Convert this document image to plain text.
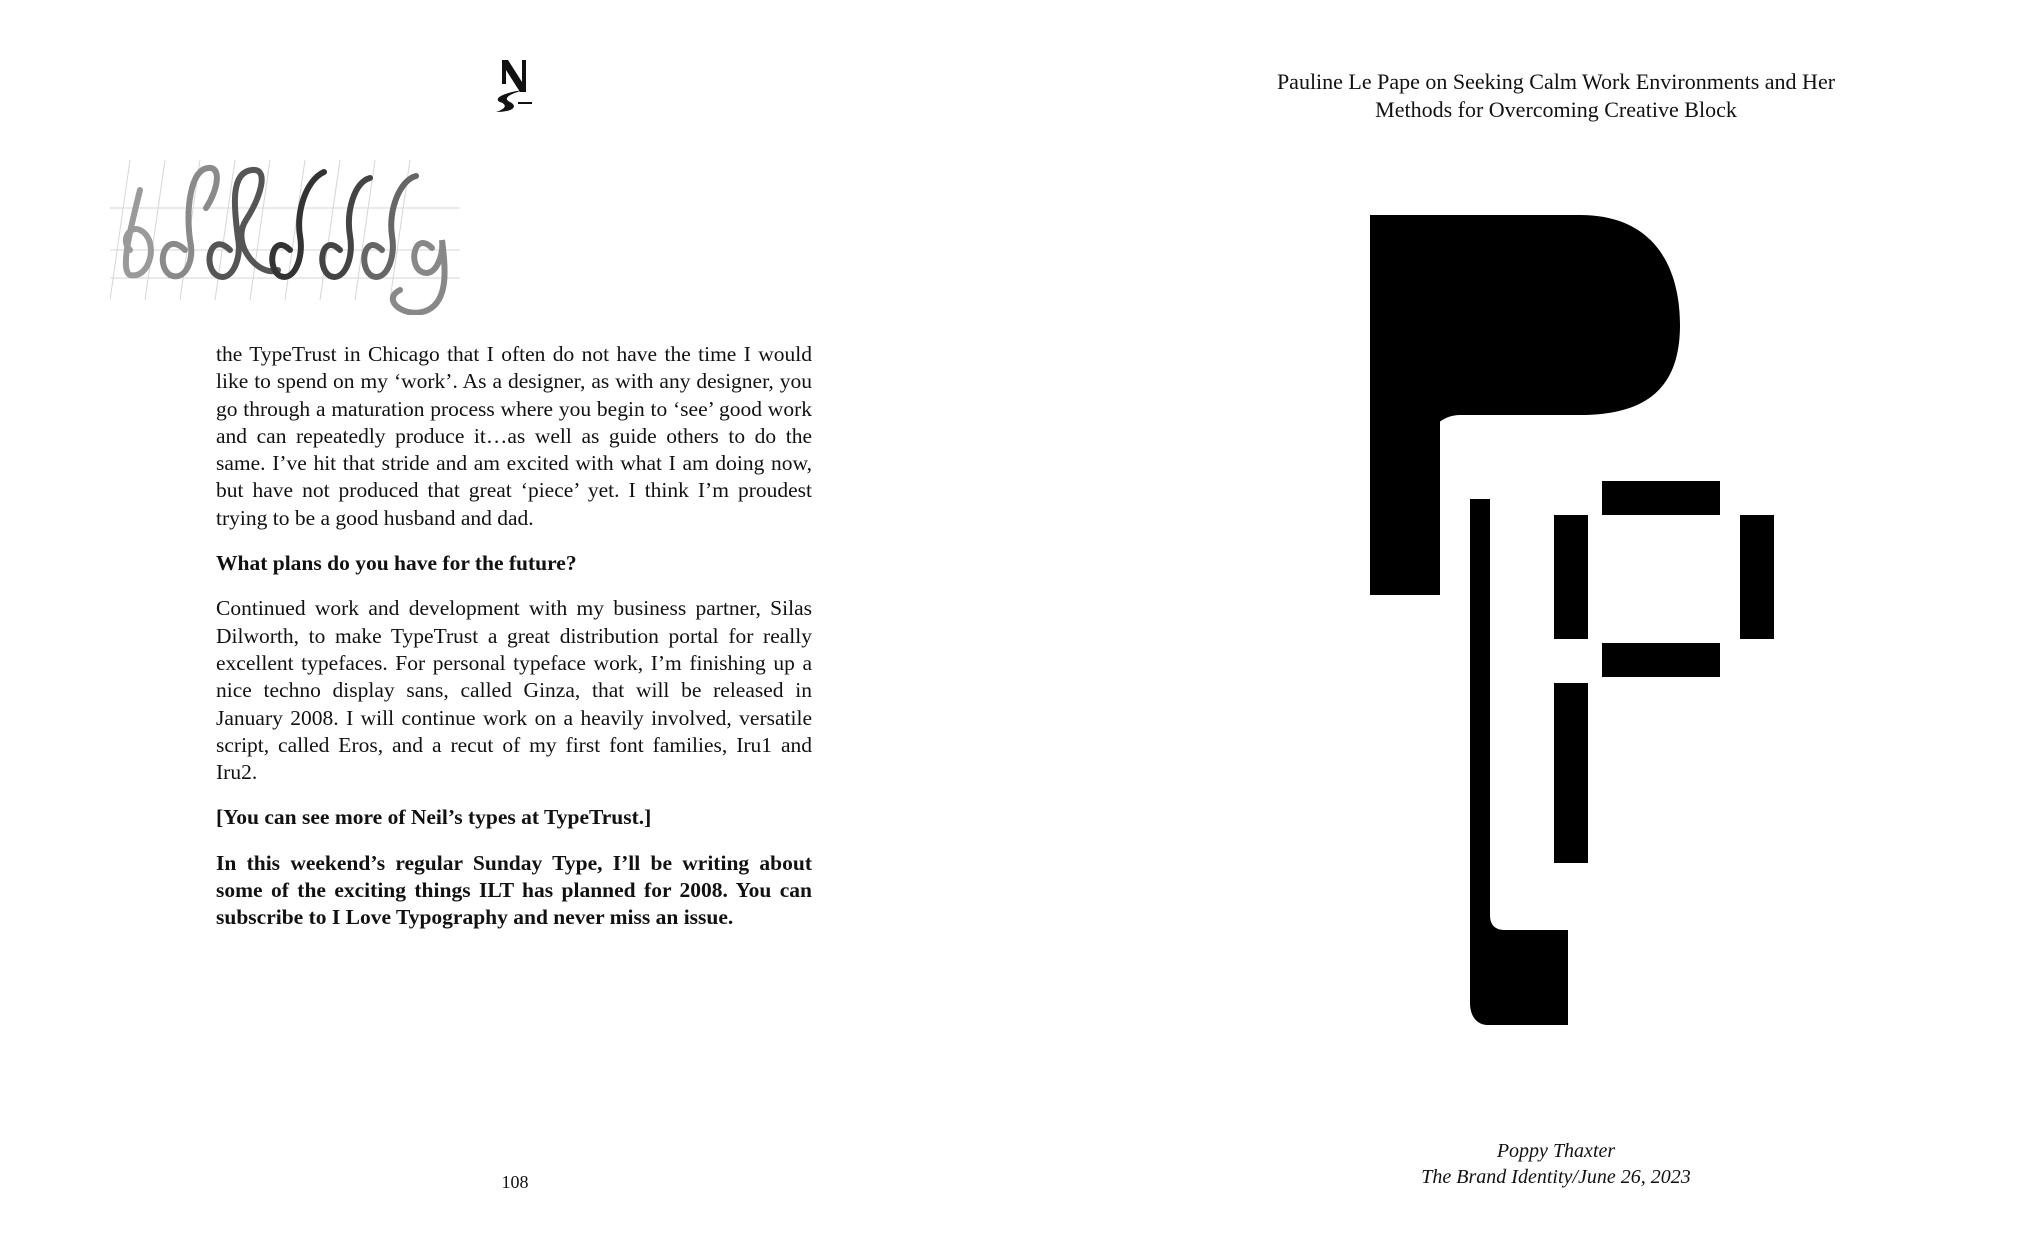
the TypeTrust in Chicago that I often do not have the time I would like to spend on my ‘work’. As a designer, as with any designer, you go through a maturation process where you begin to ‘see’ good work and can repeatedly produce it…as well as guide others to do the same. I’ve hit that stride and am excited with what I am doing now, but have not produced that great ‘piece’ yet. I think I’m proudest trying to be a good husband and dad.

What plans do you have for the future?

Continued work and development with my business partner, Silas Dilworth, to make TypeTrust a great distribution portal for really excellent typefaces. For personal typeface work, I’m finishing up a nice techno display sans, called Ginza, that will be released in January 2008. I will continue work on a heavily involved, versatile script, called Eros, and a recut of my first font families, Iru1 and Iru2.

[You can see more of Neil’s types at TypeTrust.]

In this weekend’s regular Sunday Type, I’ll be writing about some of the exciting things ILT has planned for 2008. You can subscribe to I Love Typography and never miss an issue.

108
Pauline Le Pape on Seeking Calm Work Environments and Her Methods for Overcoming Creative Block
Poppy Thaxter
The Brand Identity/June 26, 2023
